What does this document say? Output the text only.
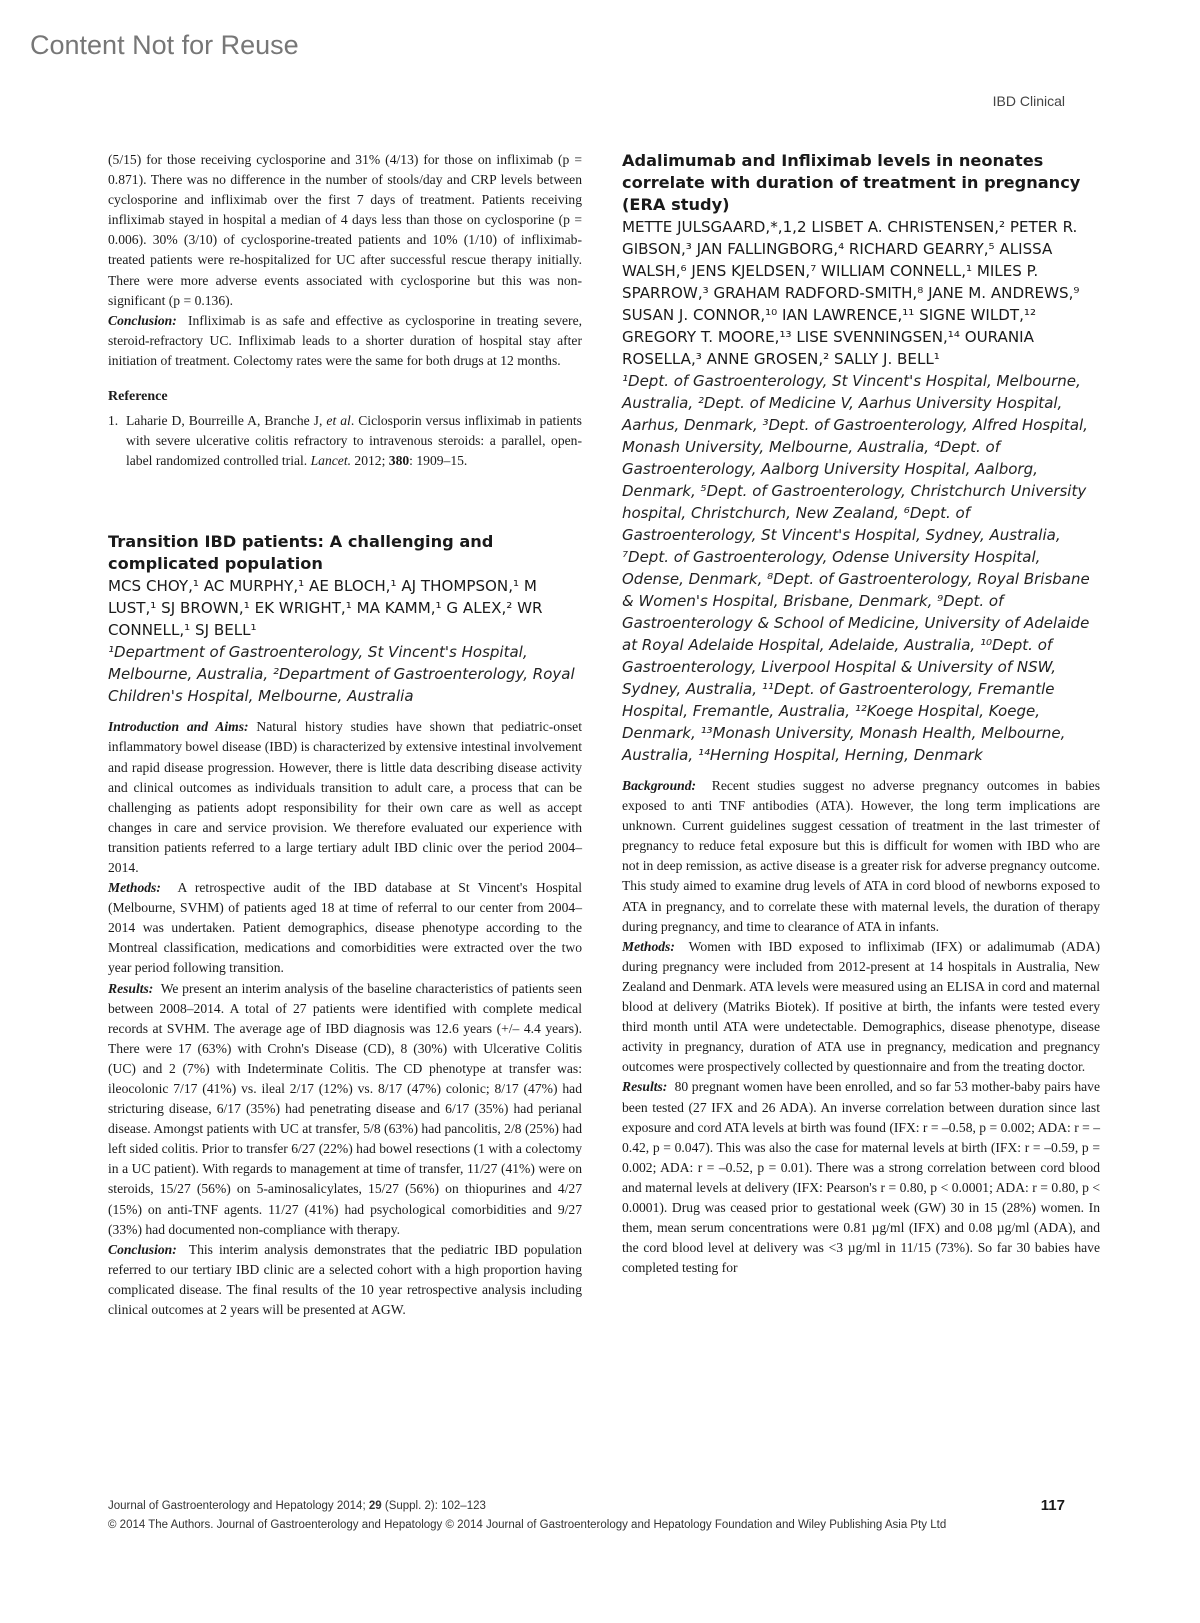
Content Not for Reuse
IBD Clinical

(5/15) for those receiving cyclosporine and 31% (4/13) for those on infliximab (p = 0.871). There was no difference in the number of stools/day and CRP levels between cyclosporine and infliximab over the first 7 days of treatment. Patients receiving infliximab stayed in hospital a median of 4 days less than those on cyclosporine (p = 0.006). 30% (3/10) of cyclosporine-treated patients and 10% (1/10) of infliximab-treated patients were re-hospitalized for UC after successful rescue therapy initially. There were more adverse events associated with cyclosporine but this was non-significant (p = 0.136).

Conclusion: Infliximab is as safe and effective as cyclosporine in treating severe, steroid-refractory UC. Infliximab leads to a shorter duration of hospital stay after initiation of treatment. Colectomy rates were the same for both drugs at 12 months.

Reference
1. Laharie D, Bourreille A, Branche J, et al. Ciclosporin versus infliximab in patients with severe ulcerative colitis refractory to intravenous steroids: a parallel, open-label randomized controlled trial. Lancet. 2012; 380: 1909–15.

Transition IBD patients: A challenging and complicated population

MCS CHOY,¹ AC MURPHY,¹ AE BLOCH,¹ AJ THOMPSON,¹ M LUST,¹ SJ BROWN,¹ EK WRIGHT,¹ MA KAMM,¹ G ALEX,² WR CONNELL,¹ SJ BELL¹

¹Department of Gastroenterology, St Vincent's Hospital, Melbourne, Australia, ²Department of Gastroenterology, Royal Children's Hospital, Melbourne, Australia

Introduction and Aims: Natural history studies have shown that pediatric-onset inflammatory bowel disease (IBD) is characterized by extensive intestinal involvement and rapid disease progression. However, there is little data describing disease activity and clinical outcomes as individuals transition to adult care, a process that can be challenging as patients adopt responsibility for their own care as well as accept changes in care and service provision. We therefore evaluated our experience with transition patients referred to a large tertiary adult IBD clinic over the period 2004–2014.

Methods: A retrospective audit of the IBD database at St Vincent's Hospital (Melbourne, SVHM) of patients aged 18 at time of referral to our center from 2004–2014 was undertaken. Patient demographics, disease phenotype according to the Montreal classification, medications and comorbidities were extracted over the two year period following transition.

Results: We present an interim analysis of the baseline characteristics of patients seen between 2008–2014. A total of 27 patients were identified with complete medical records at SVHM. The average age of IBD diagnosis was 12.6 years (+/– 4.4 years). There were 17 (63%) with Crohn's Disease (CD), 8 (30%) with Ulcerative Colitis (UC) and 2 (7%) with Indeterminate Colitis. The CD phenotype at transfer was: ileocolonic 7/17 (41%) vs. ileal 2/17 (12%) vs. 8/17 (47%) colonic; 8/17 (47%) had stricturing disease, 6/17 (35%) had penetrating disease and 6/17 (35%) had perianal disease. Amongst patients with UC at transfer, 5/8 (63%) had pancolitis, 2/8 (25%) had left sided colitis. Prior to transfer 6/27 (22%) had bowel resections (1 with a colectomy in a UC patient). With regards to management at time of transfer, 11/27 (41%) were on steroids, 15/27 (56%) on 5-aminosalicylates, 15/27 (56%) on thiopurines and 4/27 (15%) on anti-TNF agents. 11/27 (41%) had psychological comorbidities and 9/27 (33%) had documented non-compliance with therapy.

Conclusion: This interim analysis demonstrates that the pediatric IBD population referred to our tertiary IBD clinic are a selected cohort with a high proportion having complicated disease. The final results of the 10 year retrospective analysis including clinical outcomes at 2 years will be presented at AGW.

Adalimumab and Infliximab levels in neonates correlate with duration of treatment in pregnancy (ERA study)

METTE JULSGAARD,*,1,2 LISBET A. CHRISTENSEN,² PETER R. GIBSON,³ JAN FALLINGBORG,⁴ RICHARD GEARRY,⁵ ALISSA WALSH,⁶ JENS KJELDSEN,⁷ WILLIAM CONNELL,¹ MILES P. SPARROW,³ GRAHAM RADFORD-SMITH,⁸ JANE M. ANDREWS,⁹ SUSAN J. CONNOR,¹⁰ IAN LAWRENCE,¹¹ SIGNE WILDT,¹² GREGORY T. MOORE,¹³ LISE SVENNINGSEN,¹⁴ OURANIA ROSELLA,³ ANNE GROSEN,² SALLY J. BELL¹

¹Dept. of Gastroenterology, St Vincent's Hospital, Melbourne, Australia, ²Dept. of Medicine V, Aarhus University Hospital, Aarhus, Denmark, ³Dept. of Gastroenterology, Alfred Hospital, Monash University, Melbourne, Australia, ⁴Dept. of Gastroenterology, Aalborg University Hospital, Aalborg, Denmark, ⁵Dept. of Gastroenterology, Christchurch University hospital, Christchurch, New Zealand, ⁶Dept. of Gastroenterology, St Vincent's Hospital, Sydney, Australia, ⁷Dept. of Gastroenterology, Odense University Hospital, Odense, Denmark, ⁸Dept. of Gastroenterology, Royal Brisbane & Women's Hospital, Brisbane, Denmark, ⁹Dept. of Gastroenterology & School of Medicine, University of Adelaide at Royal Adelaide Hospital, Adelaide, Australia, ¹⁰Dept. of Gastroenterology, Liverpool Hospital & University of NSW, Sydney, Australia, ¹¹Dept. of Gastroenterology, Fremantle Hospital, Fremantle, Australia, ¹²Koege Hospital, Koege, Denmark, ¹³Monash University, Monash Health, Melbourne, Australia, ¹⁴Herning Hospital, Herning, Denmark

Background: Recent studies suggest no adverse pregnancy outcomes in babies exposed to anti TNF antibodies (ATA). However, the long term implications are unknown. Current guidelines suggest cessation of treatment in the last trimester of pregnancy to reduce fetal exposure but this is difficult for women with IBD who are not in deep remission, as active disease is a greater risk for adverse pregnancy outcome. This study aimed to examine drug levels of ATA in cord blood of newborns exposed to ATA in pregnancy, and to correlate these with maternal levels, the duration of therapy during pregnancy, and time to clearance of ATA in infants.

Methods: Women with IBD exposed to infliximab (IFX) or adalimumab (ADA) during pregnancy were included from 2012-present at 14 hospitals in Australia, New Zealand and Denmark. ATA levels were measured using an ELISA in cord and maternal blood at delivery (Matriks Biotek). If positive at birth, the infants were tested every third month until ATA were undetectable. Demographics, disease phenotype, disease activity in pregnancy, duration of ATA use in pregnancy, medication and pregnancy outcomes were prospectively collected by questionnaire and from the treating doctor.

Results: 80 pregnant women have been enrolled, and so far 53 mother-baby pairs have been tested (27 IFX and 26 ADA). An inverse correlation between duration since last exposure and cord ATA levels at birth was found (IFX: r = –0.58, p = 0.002; ADA: r = –0.42, p = 0.047). This was also the case for maternal levels at birth (IFX: r = –0.59, p = 0.002; ADA: r = –0.52, p = 0.01). There was a strong correlation between cord blood and maternal levels at delivery (IFX: Pearson's r = 0.80, p < 0.0001; ADA: r = 0.80, p < 0.0001). Drug was ceased prior to gestational week (GW) 30 in 15 (28%) women. In them, mean serum concentrations were 0.81 µg/ml (IFX) and 0.08 µg/ml (ADA), and the cord blood level at delivery was <3 µg/ml in 11/15 (73%). So far 30 babies have completed testing for

Journal of Gastroenterology and Hepatology 2014; 29 (Suppl. 2): 102–123	117
© 2014 The Authors. Journal of Gastroenterology and Hepatology © 2014 Journal of Gastroenterology and Hepatology Foundation and Wiley Publishing Asia Pty Ltd
